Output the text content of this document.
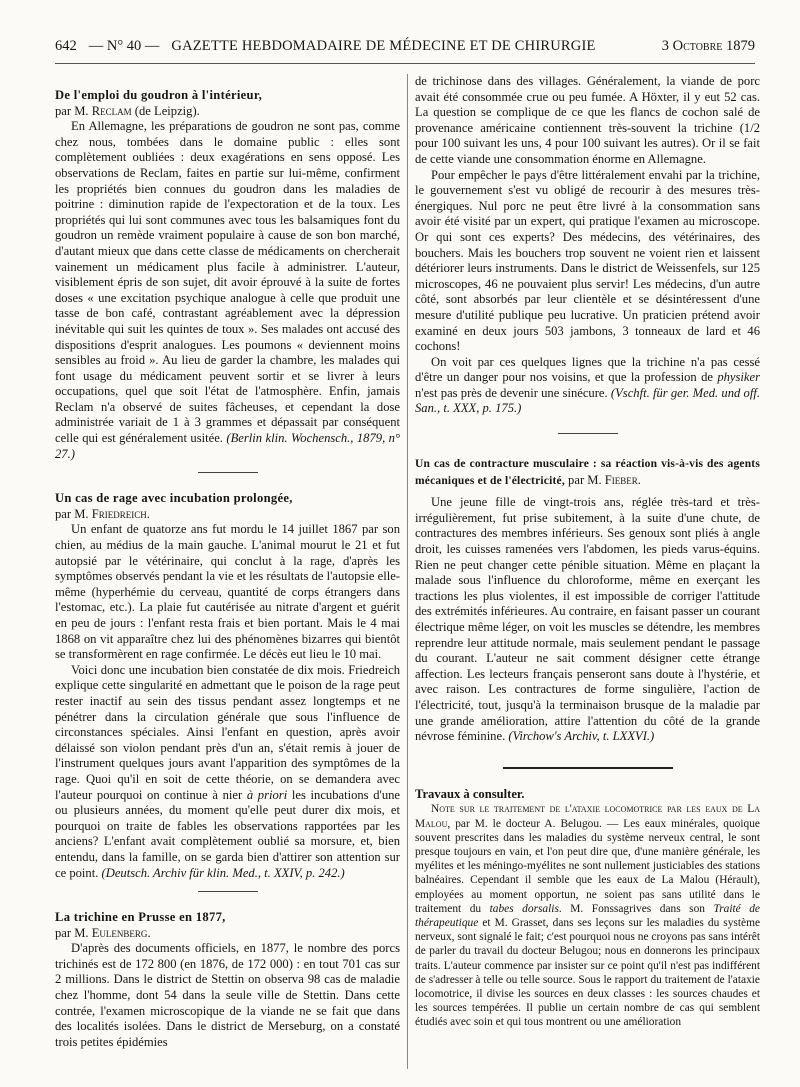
642 — N° 40 — GAZETTE HEBDOMADAIRE DE MÉDECINE ET DE CHIRURGIE	3 Octobre 1879

De l'emploi du goudron à l'intérieur,

par M. Reclam (de Leipzig).

En Allemagne, les préparations de goudron ne sont pas, comme chez nous, tombées dans le domaine public : elles sont complètement oubliées : deux exagérations en sens opposé. Les observations de Reclam, faites en partie sur lui-même, confirment les propriétés bien connues du goudron dans les maladies de poitrine : diminution rapide de l'expectoration et de la toux. Les propriétés qui lui sont communes avec tous les balsamiques font du goudron un remède vraiment populaire à cause de son bon marché, d'autant mieux que dans cette classe de médicaments on chercherait vainement un médicament plus facile à administrer. L'auteur, visiblement épris de son sujet, dit avoir éprouvé à la suite de fortes doses « une excitation psychique analogue à celle que produit une tasse de bon café, contrastant agréablement avec la dépression inévitable qui suit les quintes de toux ». Ses malades ont accusé des dispositions d'esprit analogues. Les poumons « deviennent moins sensibles au froid ». Au lieu de garder la chambre, les malades qui font usage du médicament peuvent sortir et se livrer à leurs occupations, quel que soit l'état de l'atmosphère. Enfin, jamais Reclam n'a observé de suites fâcheuses, et cependant la dose administrée variait de 1 à 3 grammes et dépassait par conséquent celle qui est généralement usitée. (Berlin klin. Wochensch., 1879, n° 27.)

Un cas de rage avec incubation prolongée,

par M. Friedreich.

Un enfant de quatorze ans fut mordu le 14 juillet 1867 par son chien, au médius de la main gauche. L'animal mourut le 21 et fut autopsié par le vétérinaire, qui conclut à la rage, d'après les symptômes observés pendant la vie et les résultats de l'autopsie elle-même (hyperhémie du cerveau, quantité de corps étrangers dans l'estomac, etc.). La plaie fut cautérisée au nitrate d'argent et guérit en peu de jours : l'enfant resta frais et bien portant. Mais le 4 mai 1868 on vit apparaître chez lui des phénomènes bizarres qui bientôt se transformèrent en rage confirmée. Le décès eut lieu le 10 mai.

Voici donc une incubation bien constatée de dix mois. Friedreich explique cette singularité en admettant que le poison de la rage peut rester inactif au sein des tissus pendant assez longtemps et ne pénétrer dans la circulation générale que sous l'influence de circonstances spéciales. Ainsi l'enfant en question, après avoir délaissé son violon pendant près d'un an, s'était remis à jouer de l'instrument quelques jours avant l'apparition des symptômes de la rage. Quoi qu'il en soit de cette théorie, on se demandera avec l'auteur pourquoi on continue à nier à priori les incubations d'une ou plusieurs années, du moment qu'elle peut durer dix mois, et pourquoi on traite de fables les observations rapportées par les anciens? L'enfant avait complètement oublié sa morsure, et, bien entendu, dans la famille, on se garda bien d'attirer son attention sur ce point. (Deutsch. Archiv für klin. Med., t. XXIV, p. 242.)

La trichine en Prusse en 1877,

par M. Eulenberg.

D'après des documents officiels, en 1877, le nombre des porcs trichinés est de 172 800 (en 1876, de 172 000) : en tout 701 cas sur 2 millions. Dans le district de Stettin on observa 98 cas de maladie chez l'homme, dont 54 dans la seule ville de Stettin. Dans cette contrée, l'examen microscopique de la viande ne se fait que dans des localités isolées. Dans le district de Merseburg, on a constaté trois petites épidémies

de trichinose dans des villages. Généralement, la viande de porc avait été consommée crue ou peu fumée. A Höxter, il y eut 52 cas. La question se complique de ce que les flancs de cochon salé de provenance américaine contiennent très-souvent la trichine (1/2 pour 100 suivant les uns, 4 pour 100 suivant les autres). Or il se fait de cette viande une consommation énorme en Allemagne.

Pour empêcher le pays d'être littéralement envahi par la trichine, le gouvernement s'est vu obligé de recourir à des mesures très-énergiques. Nul porc ne peut être livré à la consommation sans avoir été visité par un expert, qui pratique l'examen au microscope. Or qui sont ces experts? Des médecins, des vétérinaires, des bouchers. Mais les bouchers trop souvent ne voient rien et laissent détériorer leurs instruments. Dans le district de Weissenfels, sur 125 microscopes, 46 ne pouvaient plus servir! Les médecins, d'un autre côté, sont absorbés par leur clientèle et se désintéressent d'une mesure d'utilité publique peu lucrative. Un praticien prétend avoir examiné en deux jours 503 jambons, 3 tonneaux de lard et 46 cochons!

On voit par ces quelques lignes que la trichine n'a pas cessé d'être un danger pour nos voisins, et que la profession de physiker n'est pas près de devenir une sinécure. (Vschft. für ger. Med. und off. San., t. XXX, p. 175.)

Un cas de contracture musculaire : sa réaction vis-à-vis des agents mécaniques et de l'électricité, par M. Fieber.

Une jeune fille de vingt-trois ans, réglée très-tard et très-irrégulièrement, fut prise subitement, à la suite d'une chute, de contractures des membres inférieurs. Ses genoux sont pliés à angle droit, les cuisses ramenées vers l'abdomen, les pieds varus-équins. Rien ne peut changer cette pénible situation. Même en plaçant la malade sous l'influence du chloroforme, même en exerçant les tractions les plus violentes, il est impossible de corriger l'attitude des extrémités inférieures. Au contraire, en faisant passer un courant électrique même léger, on voit les muscles se détendre, les membres reprendre leur attitude normale, mais seulement pendant le passage du courant. L'auteur ne sait comment désigner cette étrange affection. Les lecteurs français penseront sans doute à l'hystérie, et avec raison. Les contractures de forme singulière, l'action de l'électricité, tout, jusqu'à la terminaison brusque de la maladie par une grande amélioration, attire l'attention du côté de la grande névrose féminine. (Virchow's Archiv, t. LXXVI.)

Travaux à consulter.

Note sur le traitement de l'ataxie locomotrice par les eaux de La Malou, par M. le docteur A. Belugou. — Les eaux minérales, quoique souvent prescrites dans les maladies du système nerveux central, le sont presque toujours en vain, et l'on peut dire que, d'une manière générale, les myélites et les méningo-myélites ne sont nullement justiciables des stations balnéaires. Cependant il semble que les eaux de La Malou (Hérault), employées au moment opportun, ne soient pas sans utilité dans le traitement du tabes dorsalis. M. Fonssagrives dans son Traité de thérapeutique et M. Grasset, dans ses leçons sur les maladies du système nerveux, sont signalé le fait; c'est pourquoi nous ne croyons pas sans intérêt de parler du travail du docteur Belugou; nous en donnerons les principaux traits. L'auteur commence par insister sur ce point qu'il n'est pas indifférent de s'adresser à telle ou telle source. Sous le rapport du traitement de l'ataxie locomotrice, il divise les sources en deux classes : les sources chaudes et les sources tempérées. Il publie un certain nombre de cas qui semblent étudiés avec soin et qui tous montrent ou une amélioration
